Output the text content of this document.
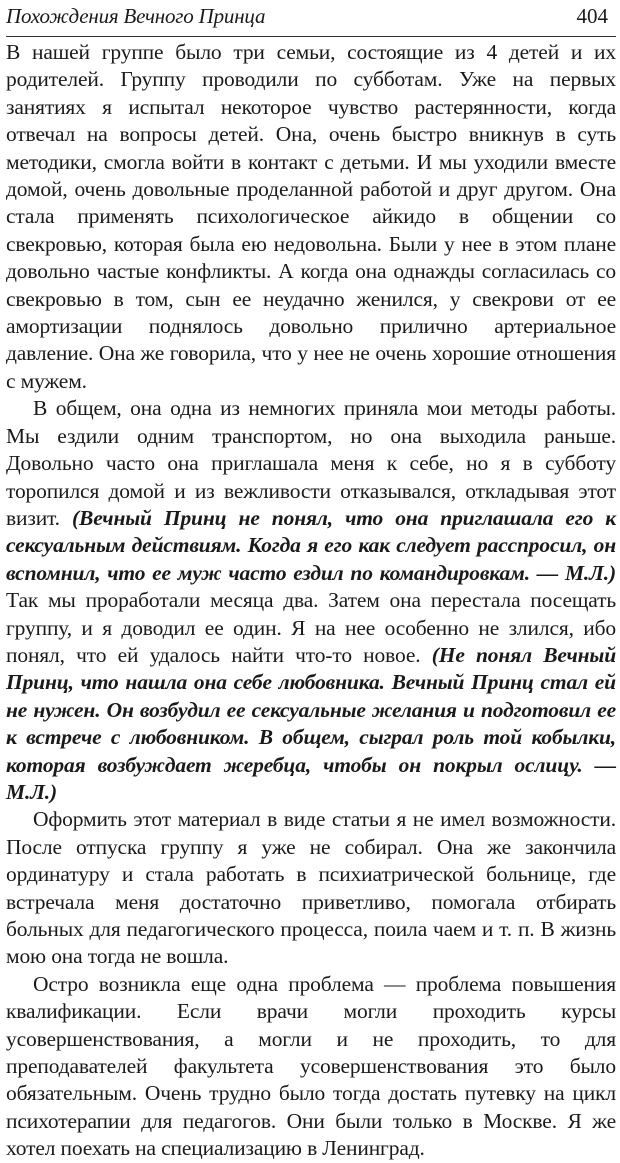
Похождения Вечного Принца	404

В нашей группе было три семьи, состоящие из 4 детей и их родителей. Группу проводили по субботам. Уже на первых занятиях я испытал некоторое чувство растерянности, когда отвечал на вопросы детей. Она, очень быстро вникнув в суть методики, смогла войти в контакт с детьми. И мы уходили вместе домой, очень довольные проделанной работой и друг другом. Она стала применять психологическое айкидо в общении со свекровью, которая была ею недовольна. Были у нее в этом плане довольно частые конфликты. А когда она однажды согласилась со свекровью в том, сын ее неудачно женился, у свекрови от ее амортизации поднялось довольно прилично артериальное давление. Она же говорила, что у нее не очень хорошие отношения с мужем.

В общем, она одна из немногих приняла мои методы работы. Мы ездили одним транспортом, но она выходила раньше. Довольно часто она приглашала меня к себе, но я в субботу торопился домой и из вежливости отказывался, откладывая этот визит. (Вечный Принц не понял, что она приглашала его к сексуальным действиям. Когда я его как следует расспросил, он вспомнил, что ее муж часто ездил по командировкам. — М.Л.) Так мы проработали месяца два. Затем она перестала посещать группу, и я доводил ее один. Я на нее особенно не злился, ибо понял, что ей удалось найти что-то новое. (Не понял Вечный Принц, что нашла она себе любовника. Вечный Принц стал ей не нужен. Он возбудил ее сексуальные желания и подготовил ее к встрече с любовником. В общем, сыграл роль той кобылки, которая возбуждает жеребца, чтобы он покрыл ослицу. — М.Л.)

Оформить этот материал в виде статьи я не имел возможности. После отпуска группу я уже не собирал. Она же закончила ординатуру и стала работать в психиатрической больнице, где встречала меня достаточно приветливо, помогала отбирать больных для педагогического процесса, поила чаем и т. п. В жизнь мою она тогда не вошла.

Остро возникла еще одна проблема — проблема повышения квалификации. Если врачи могли проходить курсы усовершенствования, а могли и не проходить, то для преподавателей факультета усовершенствования это было обязательным. Очень трудно было тогда достать путевку на цикл психотерапии для педагогов. Они были только в Москве. Я же хотел поехать на специализацию в Ленинград.
